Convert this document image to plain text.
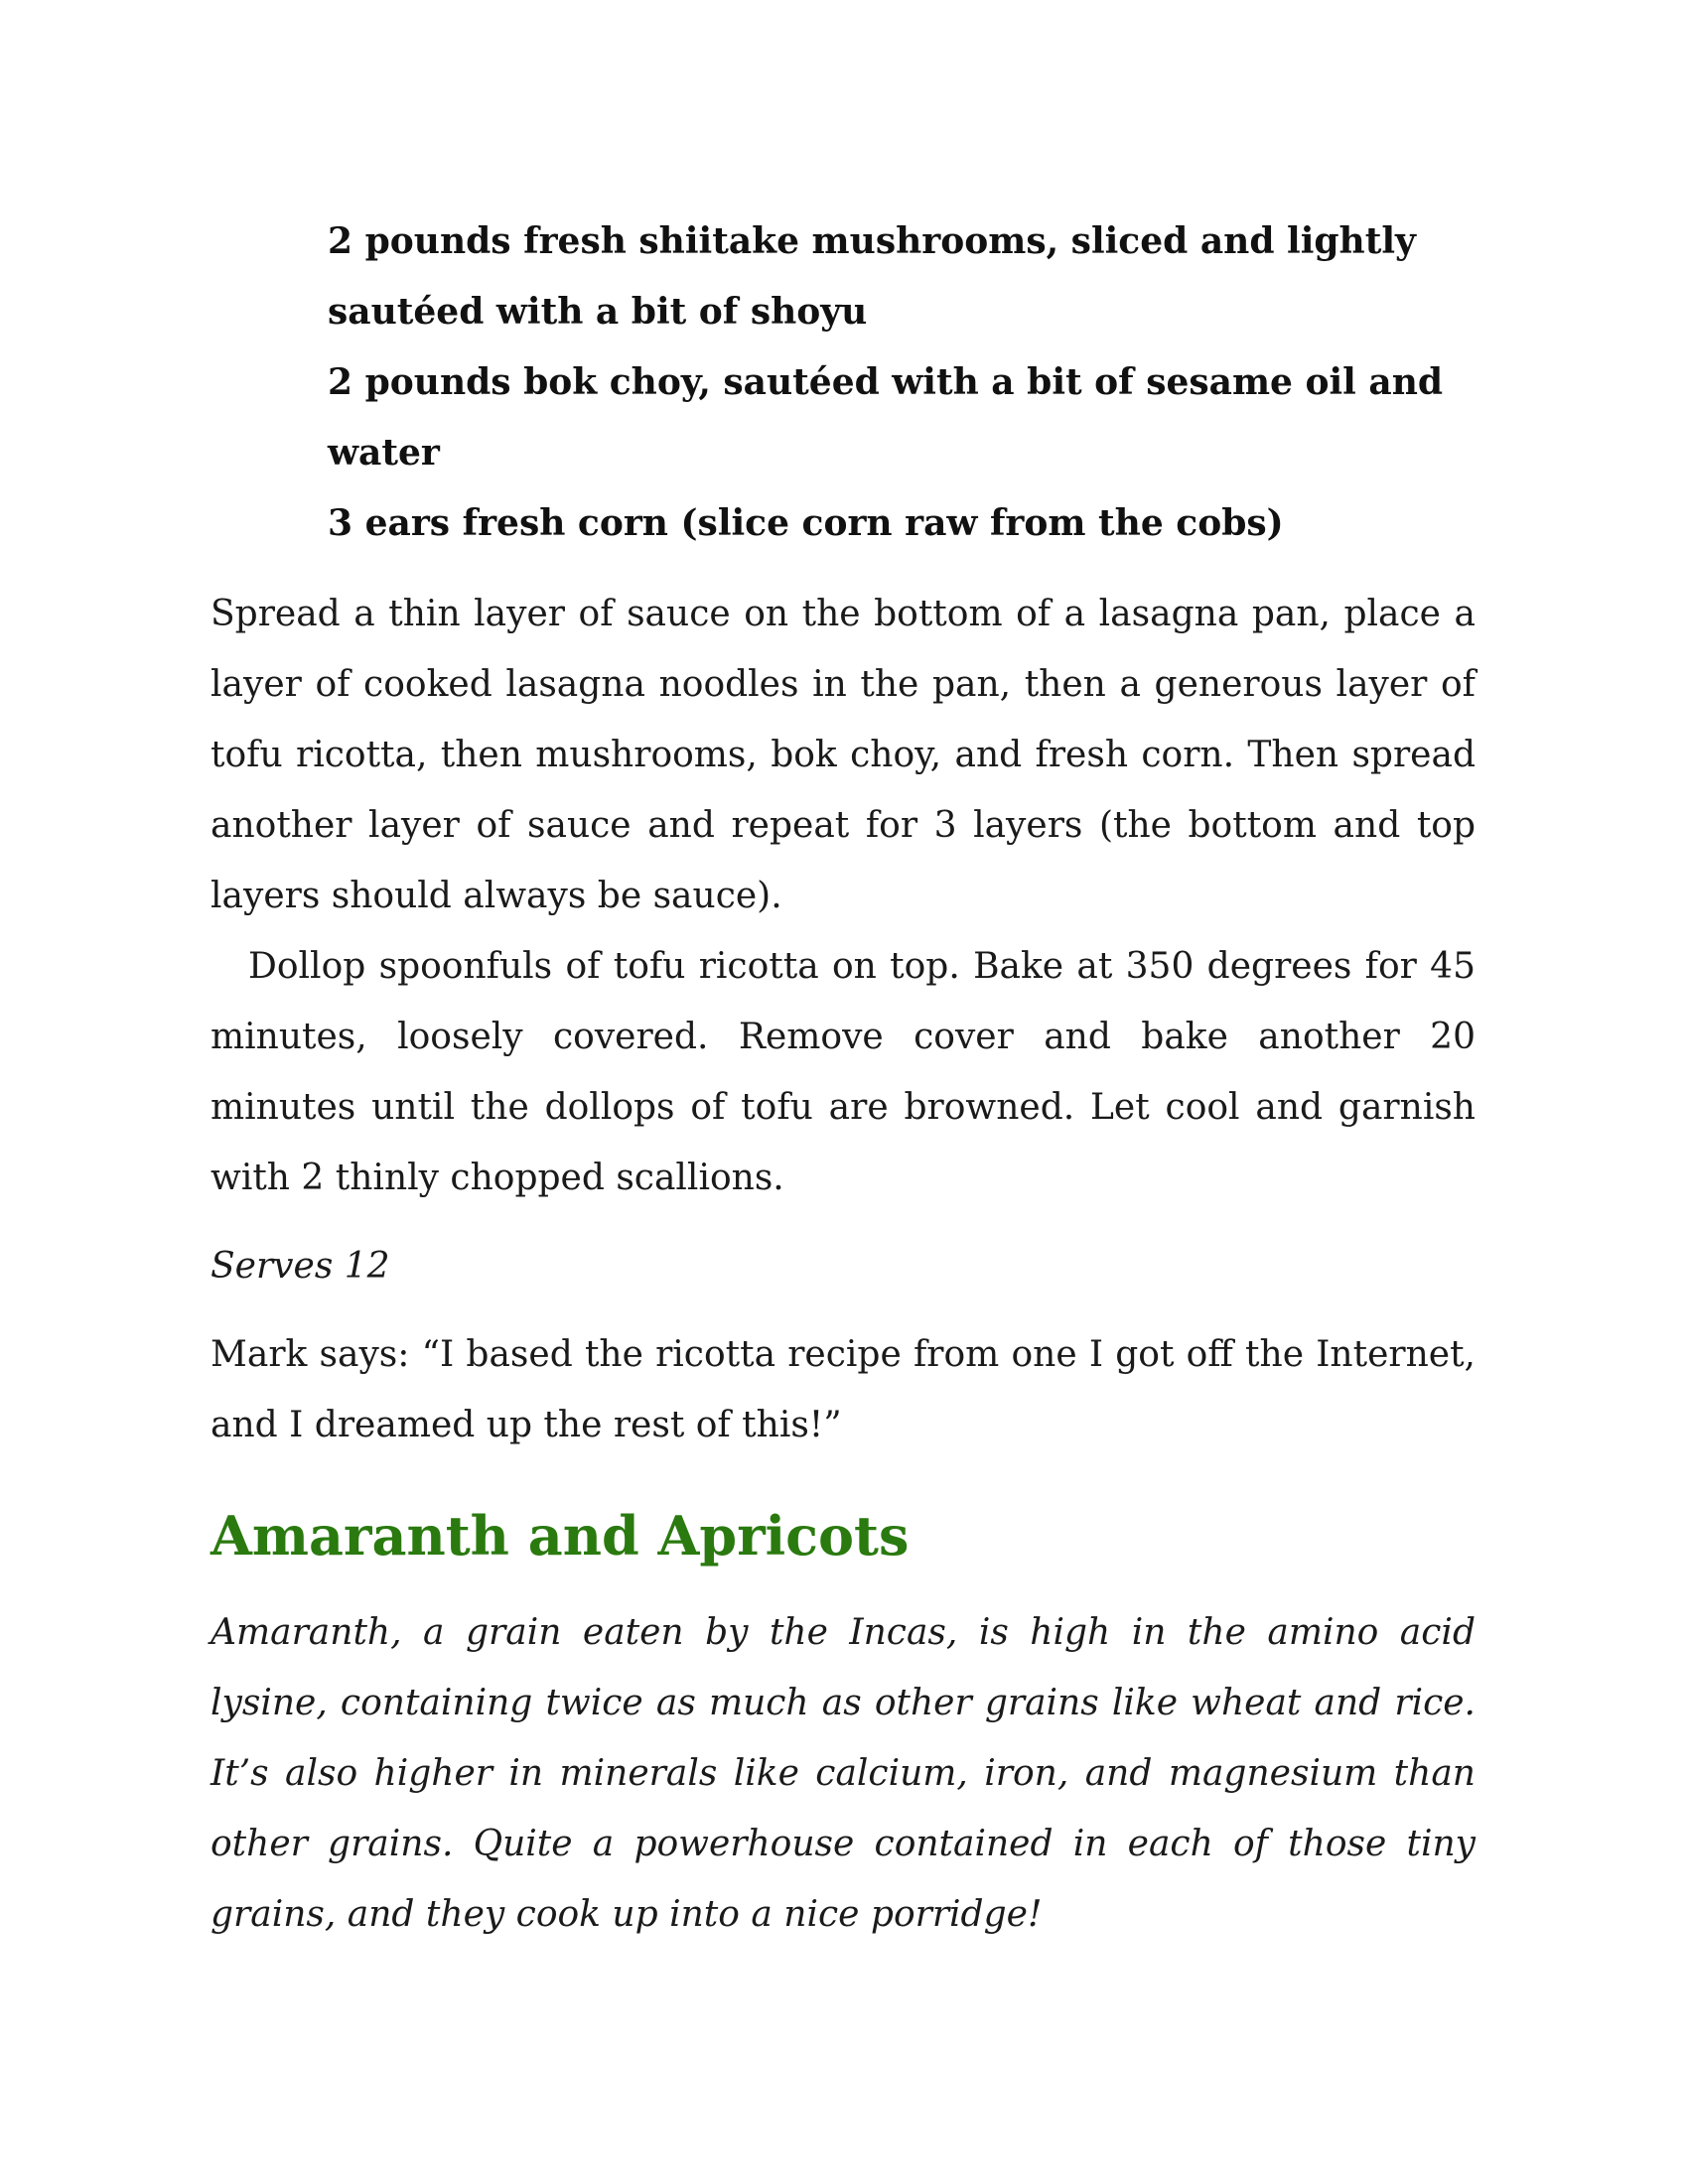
2 pounds fresh shiitake mushrooms, sliced and lightly sautéed with a bit of shoyu
2 pounds bok choy, sautéed with a bit of sesame oil and water
3 ears fresh corn (slice corn raw from the cobs)

Spread a thin layer of sauce on the bottom of a lasagna pan, place a layer of cooked lasagna noodles in the pan, then a generous layer of tofu ricotta, then mushrooms, bok choy, and fresh corn. Then spread another layer of sauce and repeat for 3 layers (the bottom and top layers should always be sauce).

Dollop spoonfuls of tofu ricotta on top. Bake at 350 degrees for 45 minutes, loosely covered. Remove cover and bake another 20 minutes until the dollops of tofu are browned. Let cool and garnish with 2 thinly chopped scallions.

Serves 12

Mark says: “I based the ricotta recipe from one I got off the Internet, and I dreamed up the rest of this!”

Amaranth and Apricots

Amaranth, a grain eaten by the Incas, is high in the amino acid lysine, containing twice as much as other grains like wheat and rice. It’s also higher in minerals like calcium, iron, and magnesium than other grains. Quite a powerhouse contained in each of those tiny grains, and they cook up into a nice porridge!
